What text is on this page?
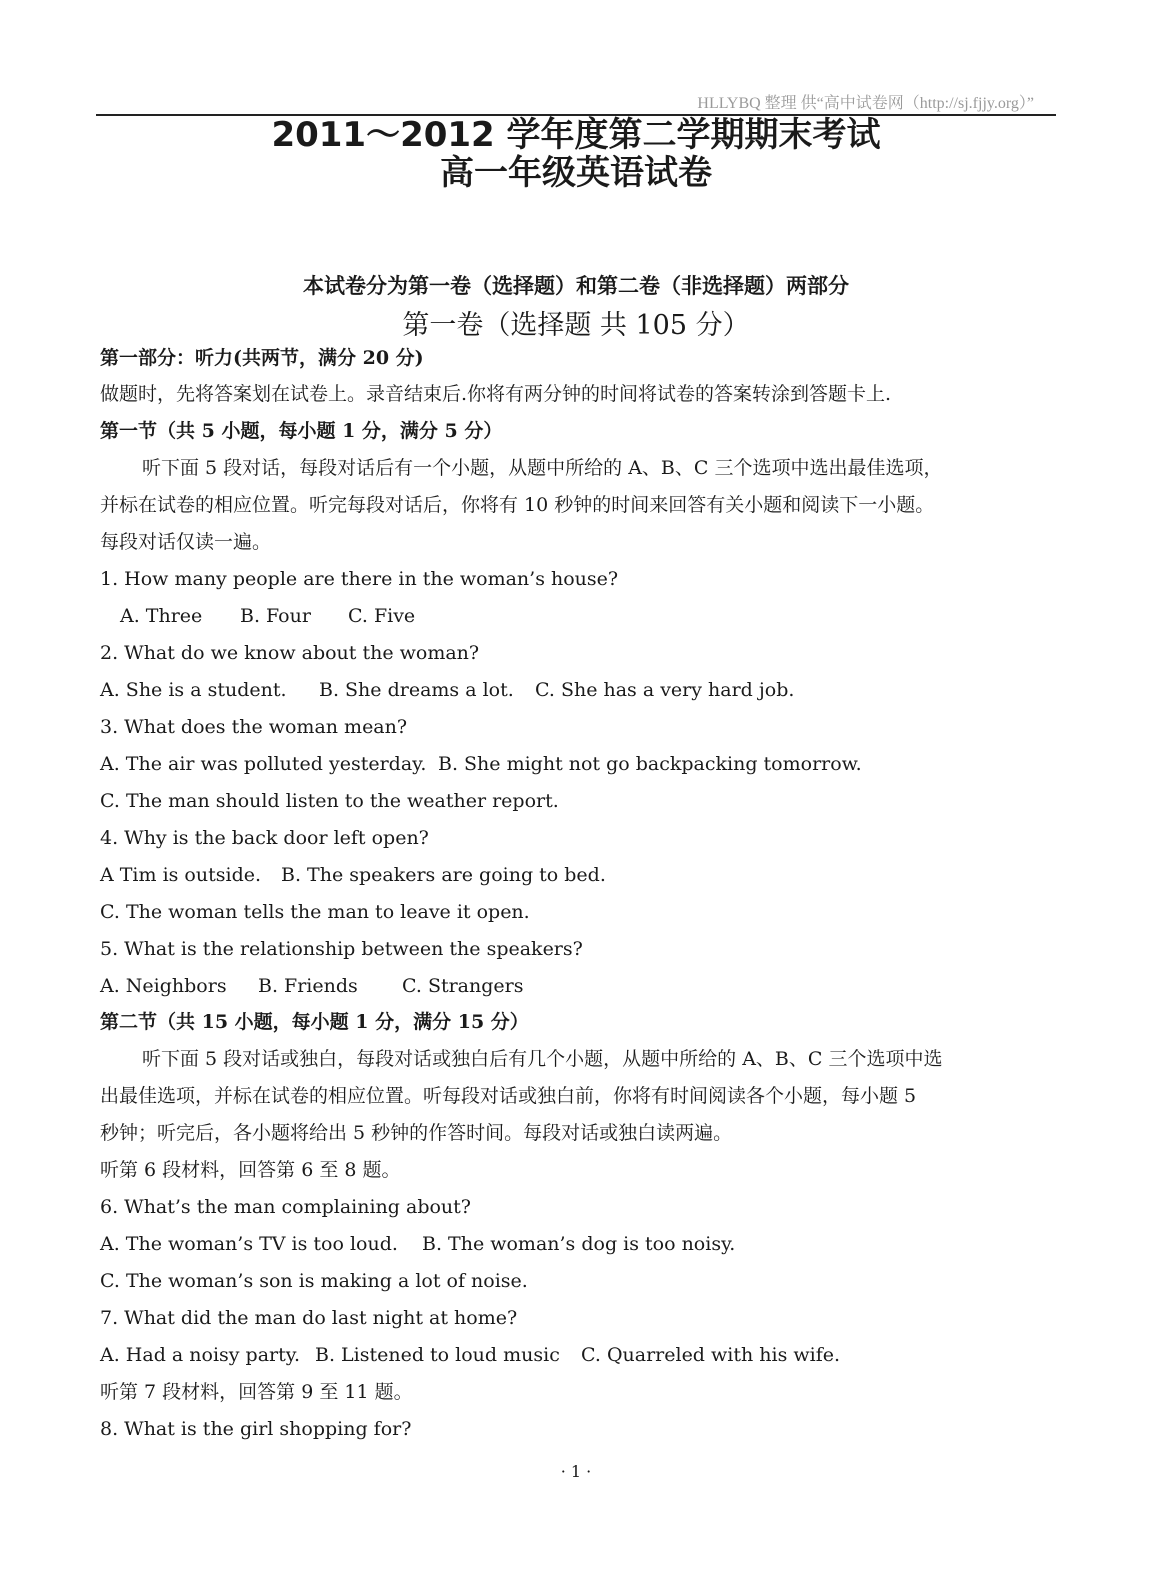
HLLYBQ 整理 供“高中试卷网（http://sj.fjjy.org）”
2011～2012 学年度第二学期期末考试
高一年级英语试卷
本试卷分为第一卷（选择题）和第二卷（非选择题）两部分
第一卷（选择题 共 105 分）
第一部分：听力(共两节，满分 20 分)
做题时，先将答案划在试卷上。录音结束后.你将有两分钟的时间将试卷的答案转涂到答题卡上.
第一节（共 5 小题，每小题 1 分，满分 5 分）
听下面 5 段对话，每段对话后有一个小题，从题中所给的 A、B、C 三个选项中选出最佳选项，
并标在试卷的相应位置。听完每段对话后，你将有 10 秒钟的时间来回答有关小题和阅读下一小题。
每段对话仅读一遍。
1. How many people are there in the woman’s house?
A. Three B. Four C. Five
2. What do we know about the woman?
A. She is a student. B. She dreams a lot. C. She has a very hard job.
3. What does the woman mean?
A. The air was polluted yesterday. B. She might not go backpacking tomorrow.
C. The man should listen to the weather report.
4. Why is the back door left open?
A Tim is outside. B. The speakers are going to bed.
C. The woman tells the man to leave it open.
5. What is the relationship between the speakers?
A. Neighbors B. Friends C. Strangers
第二节（共 15 小题，每小题 1 分，满分 15 分）
听下面 5 段对话或独白，每段对话或独白后有几个小题，从题中所给的 A、B、C 三个选项中选
出最佳选项，并标在试卷的相应位置。听每段对话或独白前，你将有时间阅读各个小题，每小题 5
秒钟；听完后，各小题将给出 5 秒钟的作答时间。每段对话或独白读两遍。
听第 6 段材料，回答第 6 至 8 题。
6. What’s the man complaining about?
A. The woman’s TV is too loud. B. The woman’s dog is too noisy.
C. The woman’s son is making a lot of noise.
7. What did the man do last night at home?
A. Had a noisy party. B. Listened to loud music C. Quarreled with his wife.
听第 7 段材料，回答第 9 至 11 题。
8. What is the girl shopping for?
· 1 ·
